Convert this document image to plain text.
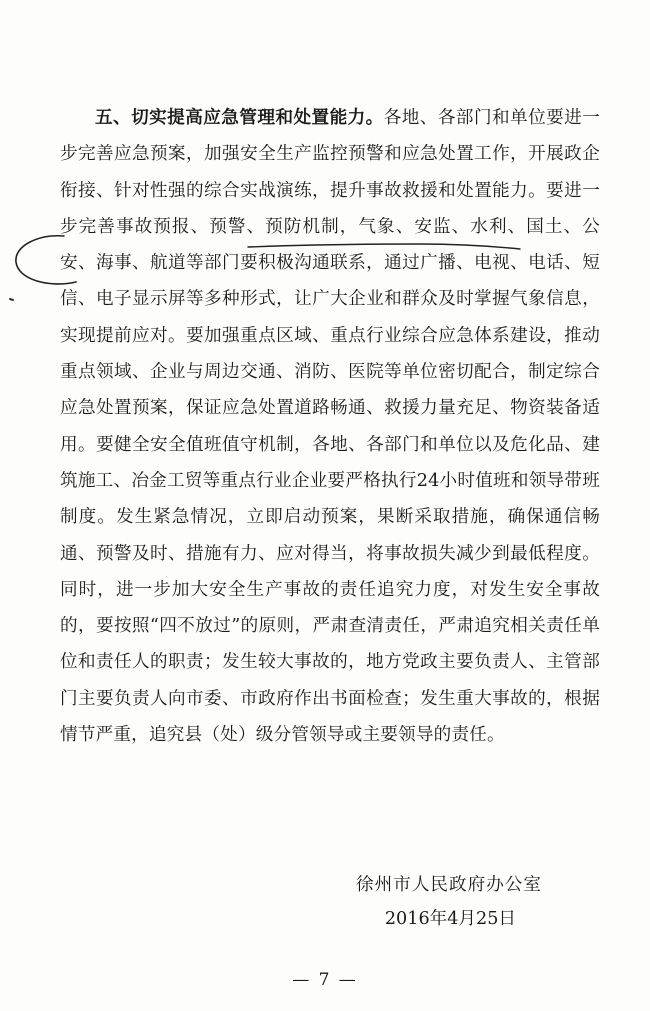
五、切实提高应急管理和处置能力。各地、各部门和单位要进一步完善应急预案，加强安全生产监控预警和应急处置工作，开展政企衔接、针对性强的综合实战演练，提升事故救援和处置能力。要进一步完善事故预报、预警、预防机制，气象、安监、水利、国土、公安、海事、航道等部门要积极沟通联系，通过广播、电视、电话、短信、电子显示屏等多种形式，让广大企业和群众及时掌握气象信息，实现提前应对。要加强重点区域、重点行业综合应急体系建设，推动重点领域、企业与周边交通、消防、医院等单位密切配合，制定综合应急处置预案，保证应急处置道路畅通、救援力量充足、物资装备适用。要健全安全值班值守机制，各地、各部门和单位以及危化品、建筑施工、冶金工贸等重点行业企业要严格执行24小时值班和领导带班制度。发生紧急情况，立即启动预案，果断采取措施，确保通信畅通、预警及时、措施有力、应对得当，将事故损失减少到最低程度。同时，进一步加大安全生产事故的责任追究力度，对发生安全事故的，要按照“四不放过”的原则，严肃查清责任，严肃追究相关责任单位和责任人的职责；发生较大事故的，地方党政主要负责人、主管部门主要负责人向市委、市政府作出书面检查；发生重大事故的，根据情节严重，追究县（处）级分管领导或主要领导的责任。

徐州市人民政府办公室
2016年4月25日
— 7 —
